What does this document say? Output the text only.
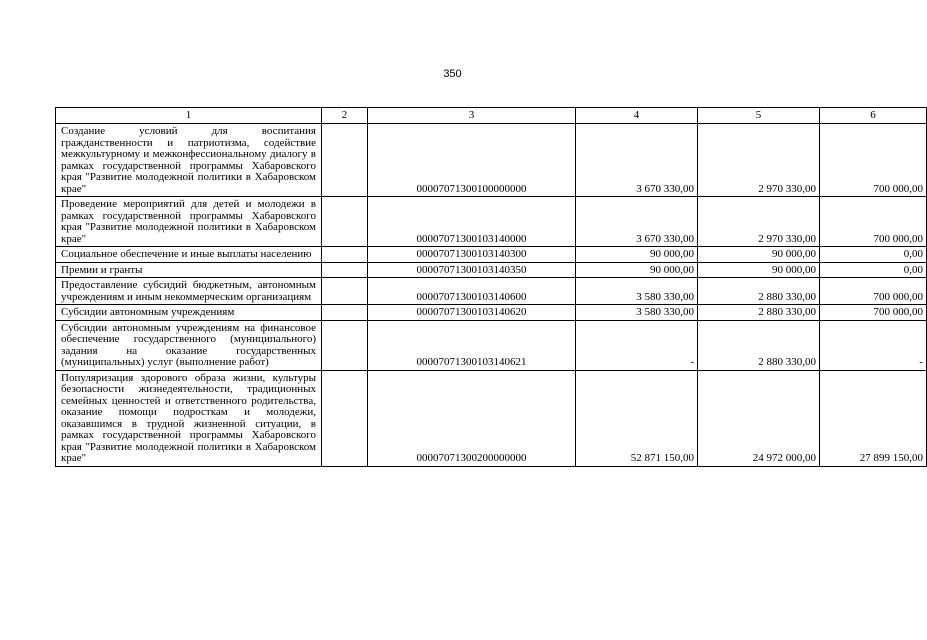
350
1	2	3	4	5	6
Создание условий для воспитания гражданственности и патриотизма, содействие межкультурному и межконфессиональному диалогу в рамках государственной программы Хабаровского края "Развитие молодежной политики в Хабаровском крае"		00007071300100000000	3 670 330,00	2 970 330,00	700 000,00
Проведение мероприятий для детей и молодежи в рамках государственной программы Хабаровского края "Развитие молодежной политики в Хабаровском крае"		00007071300103140000	3 670 330,00	2 970 330,00	700 000,00
Социальное обеспечение и иные выплаты населению		00007071300103140300	90 000,00	90 000,00	0,00
Премии и гранты		00007071300103140350	90 000,00	90 000,00	0,00
Предоставление субсидий бюджетным, автономным учреждениям и иным некоммерческим организациям		00007071300103140600	3 580 330,00	2 880 330,00	700 000,00
Субсидии автономным учреждениям		00007071300103140620	3 580 330,00	2 880 330,00	700 000,00
Субсидии автономным учреждениям на финансовое обеспечение государственного (муниципального) задания на оказание государственных (муниципальных) услуг (выполнение работ)		00007071300103140621	-	2 880 330,00	-
Популяризация здорового образа жизни, культуры безопасности жизнедеятельности, традиционных семейных ценностей и ответственного родительства, оказание помощи подросткам и молодежи, оказавшимся в трудной жизненной ситуации, в рамках государственной программы Хабаровского края "Развитие молодежной политики в Хабаровском крае"		00007071300200000000	52 871 150,00	24 972 000,00	27 899 150,00
